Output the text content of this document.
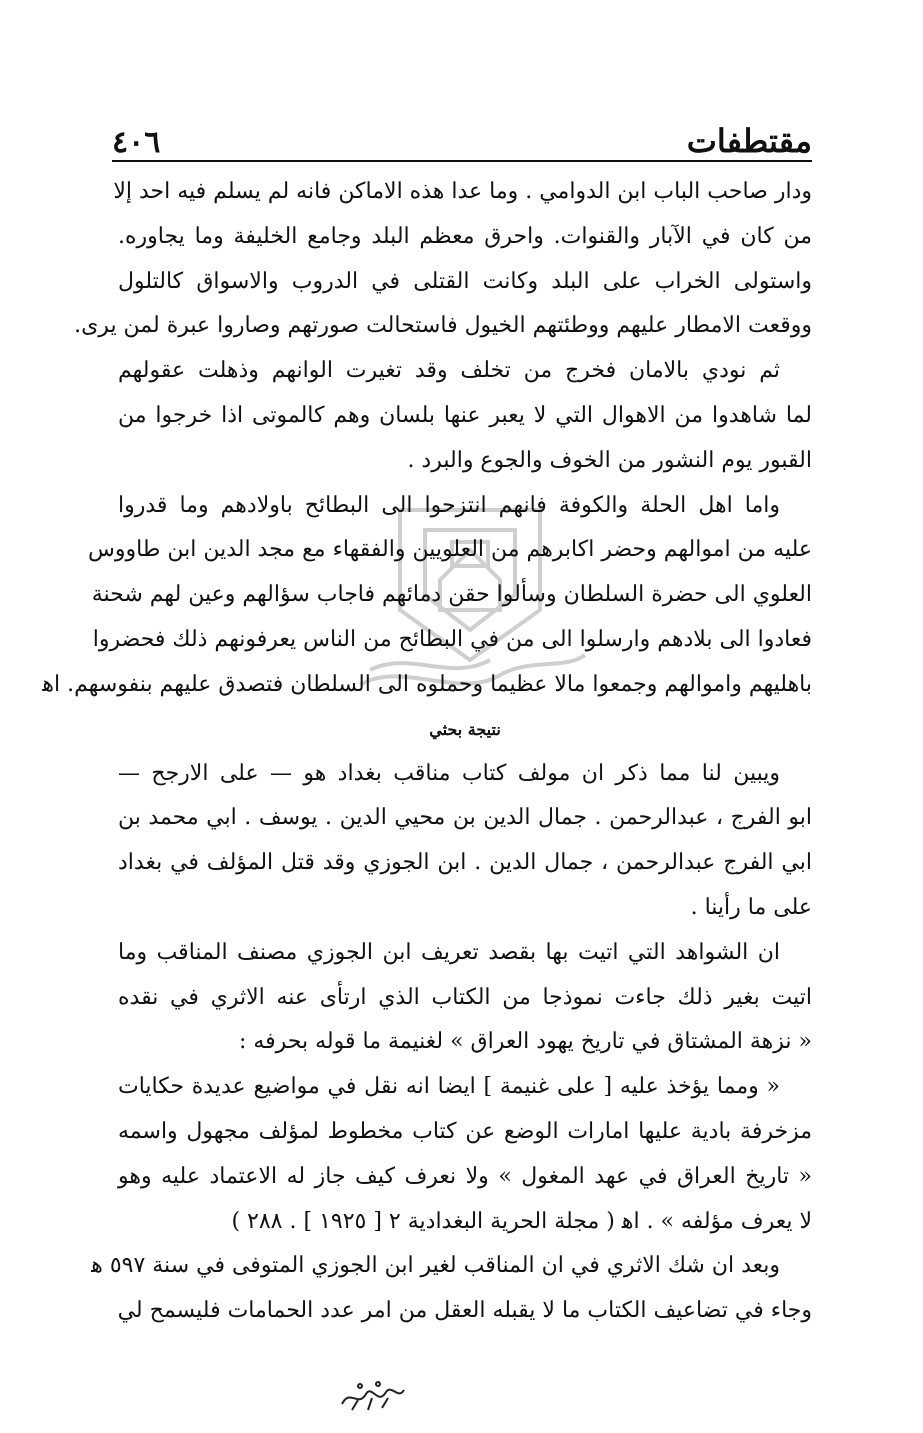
٤٠٦	مقتطفات
ودار صاحب الباب ابن الدوامي . وما عدا هذه الاماكن فانه لم يسلم فيه احد إلا
من كان في الآبار والقنوات. واحرق معظم البلد وجامع الخليفة وما يجاوره.
واستولى الخراب على البلد وكانت القتلى في الدروب والاسواق كالتلول
ووقعت الامطار عليهم ووطئتهم الخيول فاستحالت صورتهم وصاروا عبرة لمن يرى.
ثم نودي بالامان فخرج من تخلف وقد تغيرت الوانهم وذهلت عقولهم
لما شاهدوا من الاهوال التي لا يعبر عنها بلسان وهم كالموتى اذا خرجوا من
القبور يوم النشور من الخوف والجوع والبرد .
واما اهل الحلة والكوفة فانهم انتزحوا الى البطائح باولادهم وما قدروا
عليه من اموالهم وحضر اكابرهم من العلويين والفقهاء مع مجد الدين ابن طاووس
العلوي الى حضرة السلطان وسألوا حقن دمائهم فاجاب سؤالهم وعين لهم شحنة
فعادوا الى بلادهم وارسلوا الى من في البطائح من الناس يعرفونهم ذلك فحضروا
باهليهم واموالهم وجمعوا مالا عظيما وحملوه الى السلطان فتصدق عليهم بنفوسهم. اﻫ
نتيجة بحثي
ويبين لنا مما ذكر ان مولف كتاب مناقب بغداد هو — على الارجح —
ابو الفرج ، عبدالرحمن . جمال الدين بن محيي الدين . يوسف . ابي محمد بن
ابي الفرج عبدالرحمن ، جمال الدين . ابن الجوزي وقد قتل المؤلف في بغداد
على ما رأينا .
ان الشواهد التي اتيت بها بقصد تعريف ابن الجوزي مصنف المناقب وما
اتيت بغير ذلك جاءت نموذجا من الكتاب الذي ارتأى عنه الاثري في نقده
« نزهة المشتاق في تاريخ يهود العراق » لغنيمة ما قوله بحرفه :
« ومما يؤخذ عليه [ على غنيمة ] ايضا انه نقل في مواضيع عديدة حكايات
مزخرفة بادية عليها امارات الوضع عن كتاب مخطوط لمؤلف مجهول واسمه
« تاريخ العراق في عهد المغول » ولا نعرف كيف جاز له الاعتماد عليه وهو
لا يعرف مؤلفه » . اﻫ ( مجلة الحرية البغدادية ٢ [ ١٩٢٥ ] . ٢٨٨ )
وبعد ان شك الاثري في ان المناقب لغير ابن الجوزي المتوفى في سنة ٥٩٧ ﻫ
وجاء في تضاعيف الكتاب ما لا يقبله العقل من امر عدد الحمامات فليسمح لي
